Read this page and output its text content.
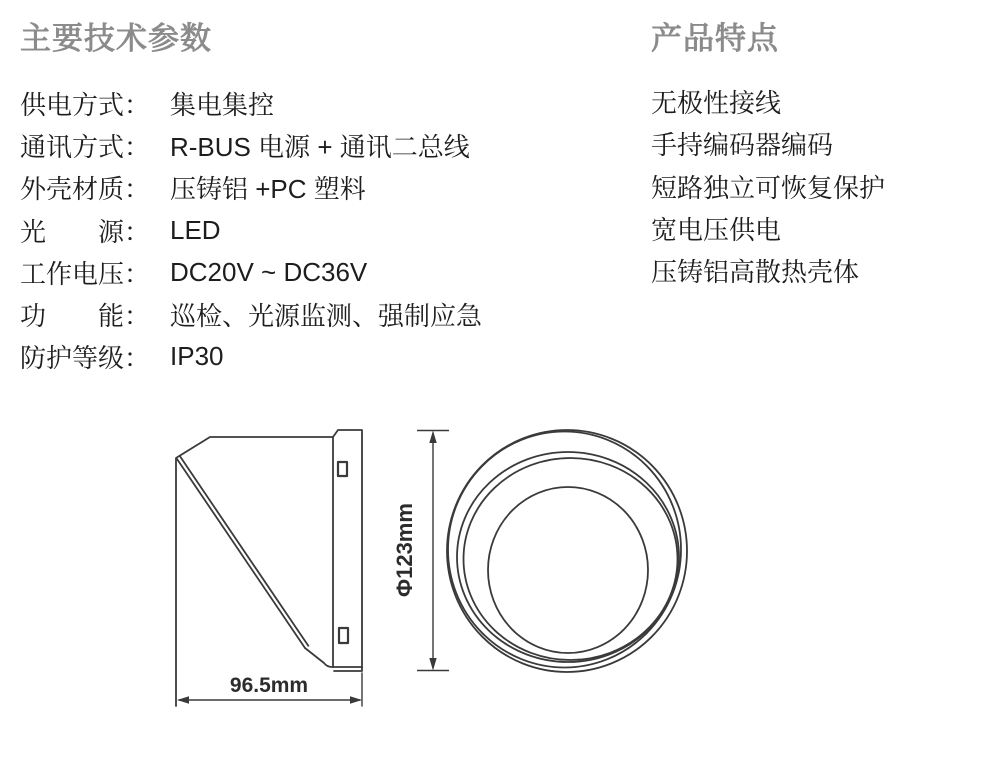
主要技术参数
供电方式： 集电集控
通讯方式： R-BUS 电源 + 通讯二总线
外壳材质： 压铸铝 +PC 塑料
光　　源： LED
工作电压： DC20V ~ DC36V
功　　能： 巡检、光源监测、强制应急
防护等级： IP30
产品特点
无极性接线
手持编码器编码
短路独立可恢复保护
宽电压供电
压铸铝高散热壳体
96.5mm
Φ123mm
